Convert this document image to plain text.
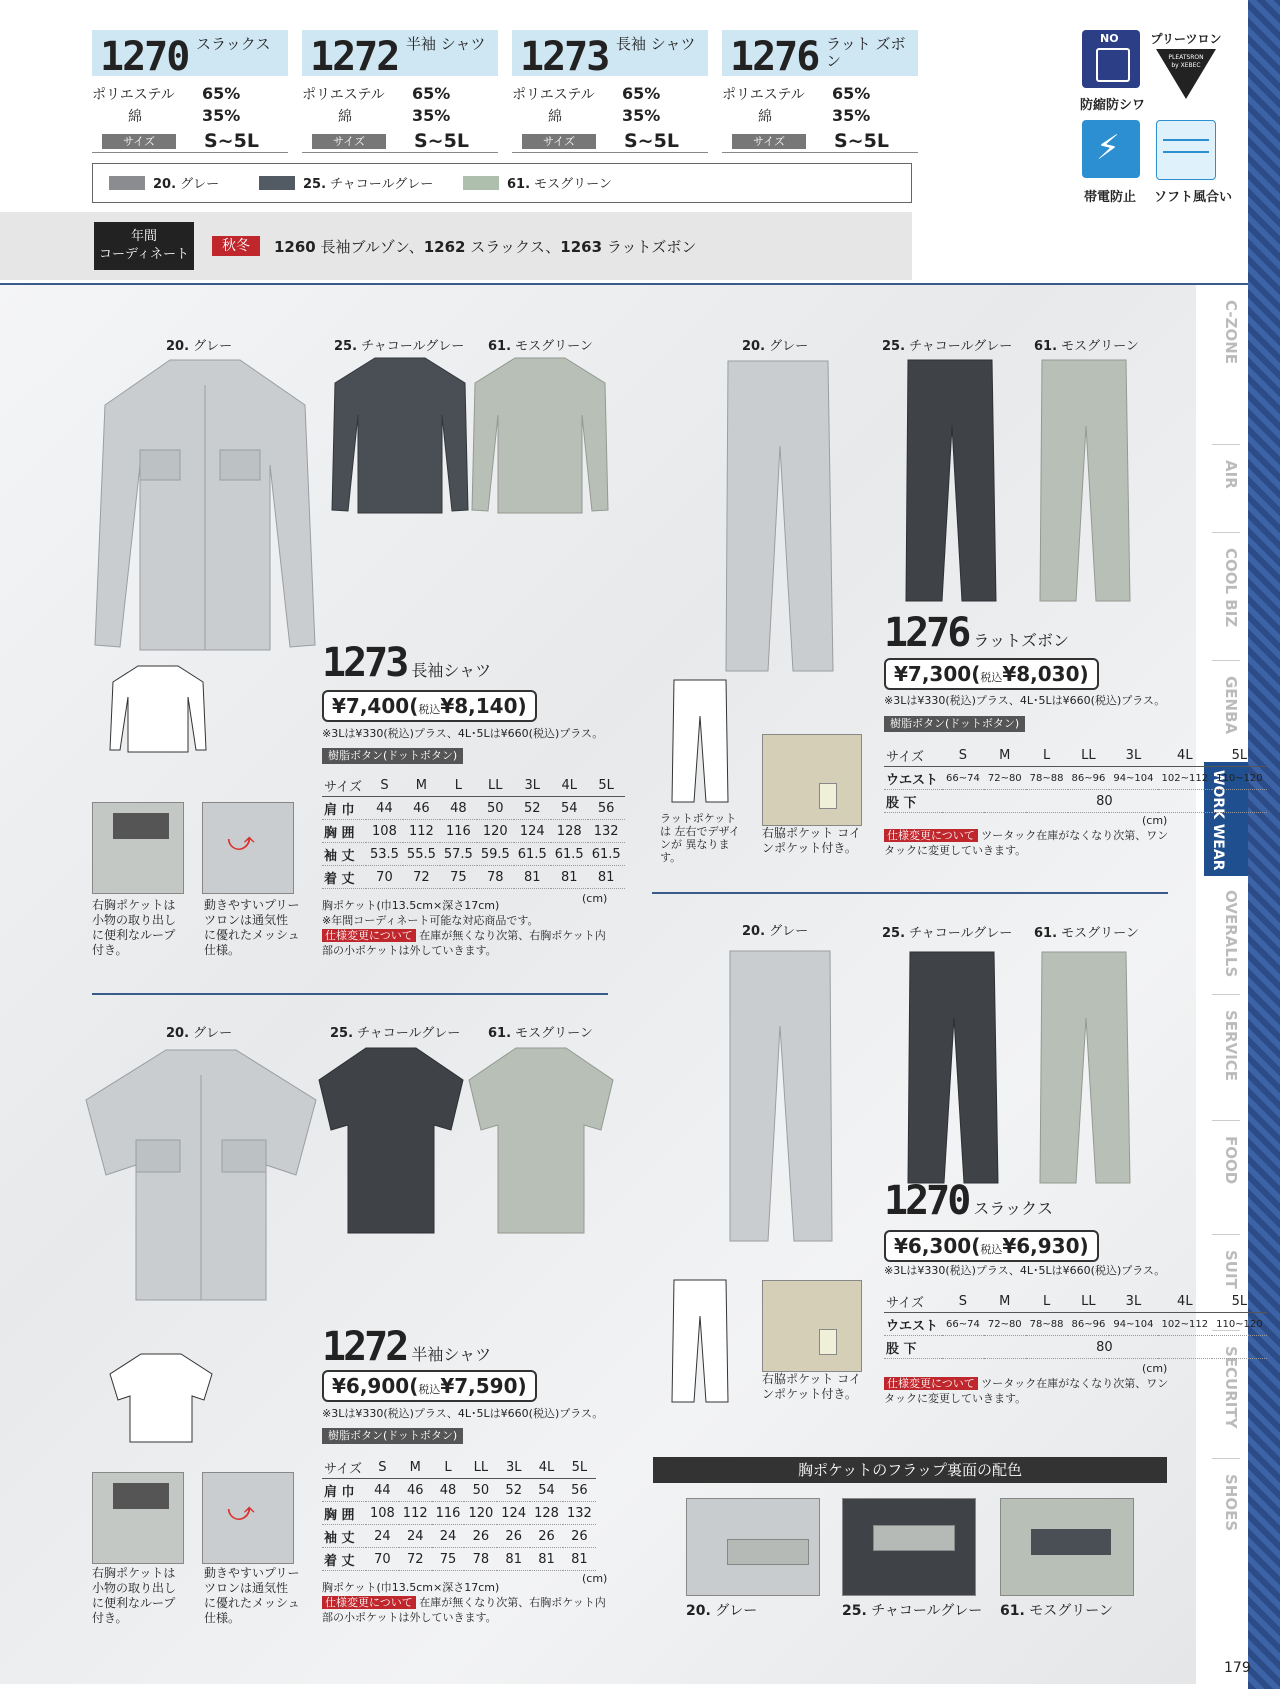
C-ZONE
AIR
COOL BIZ
GENBA
OVERALLS
SERVICE
FOOD
SUIT
SECURITY
SHOES
WORK WEAR
1270 スラックス
ポリエステル 65%
綿	35%
サイズ	S~5L
1272 半袖 シャツ
ポリエステル 65%
綿	35%
サイズ	S~5L
1273 長袖 シャツ
ポリエステル 65%
綿	35%
サイズ	S~5L
1276 ラット ズボン
ポリエステル 65%
綿	35%
サイズ	S~5L
NO
防縮防シワ
プリーツロン
PLEATSRON by XEBEC
⚡
帯電防止 ソフト風合い
20. グレー	25. チャコールグレー	61. モスグリーン
年間
コーディネート
秋冬	1260 長袖ブルゾン、1262 スラックス、1263 ラットズボン
20. グレー	25. チャコールグレー 61. モスグリーン
1273 長袖シャツ
¥7,400(税込¥8,140)
※3Lは¥330(税込)プラス、4L･5Lは¥660(税込)プラス。
樹脂ボタン(ドットボタン)
サイズ	S	M	L	LL	3L	4L	5L
肩 巾	44	46	48	50	52	54	56
胸 囲	108	112	116	120	124	128	132
袖 丈	53.5	55.5	57.5	59.5	61.5	61.5	61.5
着 丈	70	72	75	78	81	81	81
(cm)
胸ポケット(巾13.5cm×深さ17cm)
※年間コーディネート可能な対応商品です。
仕様変更について 在庫が無くなり次第、右胸ポケット内
部の小ポケットは外していきます。
⤻
右胸ポケットは 小物の取り出し に便利なループ 付き。
動きやすいプリー ツロンは通気性 に優れたメッシュ 仕様。
20. グレー	25. チャコールグレー 61. モスグリーン
1272 半袖シャツ
¥6,900(税込¥7,590)
※3Lは¥330(税込)プラス、4L･5Lは¥660(税込)プラス。
樹脂ボタン(ドットボタン)
サイズ	S	M	L	LL	3L	4L	5L
肩 巾	44	46	48	50	52	54	56
胸 囲	108	112	116	120	124	128	132
袖 丈	24	24	24	26	26	26	26
着 丈	70	72	75	78	81	81	81
(cm)
胸ポケット(巾13.5cm×深さ17cm)
仕様変更について 在庫が無くなり次第、右胸ポケット内
部の小ポケットは外していきます。
⤻
右胸ポケットは 小物の取り出し に便利なループ 付き。
動きやすいプリー ツロンは通気性 に優れたメッシュ 仕様。
20. グレー	25. チャコールグレー 61. モスグリーン
ラットポケットは 左右でデザインが 異なります。
右脇ポケット コインポケット付き。
1276 ラットズボン
¥7,300(税込¥8,030)
※3Lは¥330(税込)プラス、4L･5Lは¥660(税込)プラス。
樹脂ボタン(ドットボタン)
サイズ	S	M	L	LL	3L	4L	5L
ウエスト	66~74	72~80	78~88	86~96	94~104	102~112	110~120
股 下	80						
(cm)
仕様変更について ツータック在庫がなくなり次第、ワン
タックに変更していきます。
20. グレー	25. チャコールグレー 61. モスグリーン
右脇ポケット コインポケット付き。
1270 スラックス
¥6,300(税込¥6,930)
※3Lは¥330(税込)プラス、4L･5Lは¥660(税込)プラス。
サイズ	S	M	L	LL	3L	4L	5L
ウエスト	66~74	72~80	78~88	86~96	94~104	102~112	110~120
股 下	80						
(cm)
仕様変更について ツータック在庫がなくなり次第、ワン
タックに変更していきます。
胸ポケットのフラップ裏面の配色
20. グレー	25. チャコールグレー 61. モスグリーン
179
